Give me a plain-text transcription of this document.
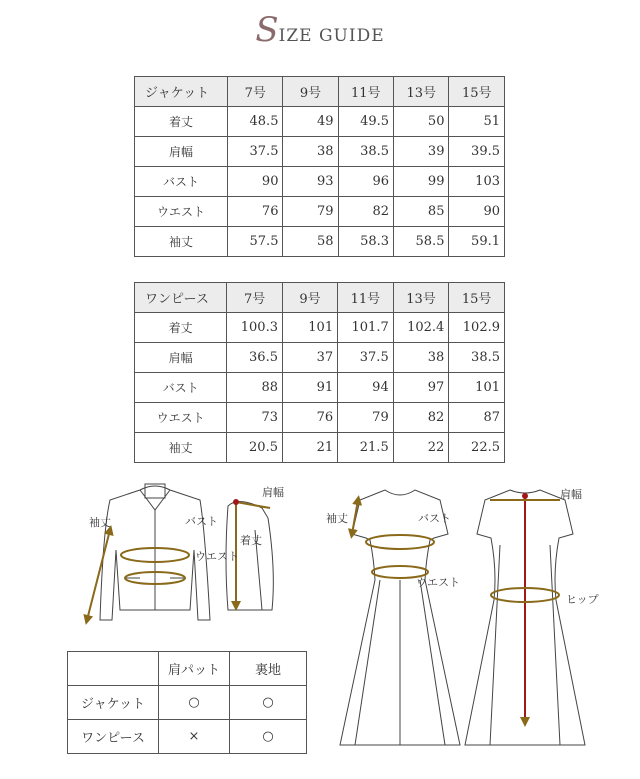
SIZE GUIDE
ジャケット	7号	9号	11号	13号	15号
着丈	48.5	49	49.5	50	51
肩幅	37.5	38	38.5	39	39.5
バスト	90	93	96	99	103
ウエスト	76	79	82	85	90
袖丈	57.5	58	58.3	58.5	59.1
ワンピース	7号	9号	11号	13号	15号
着丈	100.3	101	101.7	102.4	102.9
肩幅	36.5	37	37.5	38	38.5
バスト	88	91	94	97	101
ウエスト	73	76	79	82	87
袖丈	20.5	21	21.5	22	22.5
袖丈	バスト
ウエスト
着丈
肩幅
袖丈	バスト
ウエスト
肩幅
ヒップ
	肩パット	裏地
ジャケット	○	○
ワンピース	×	○
